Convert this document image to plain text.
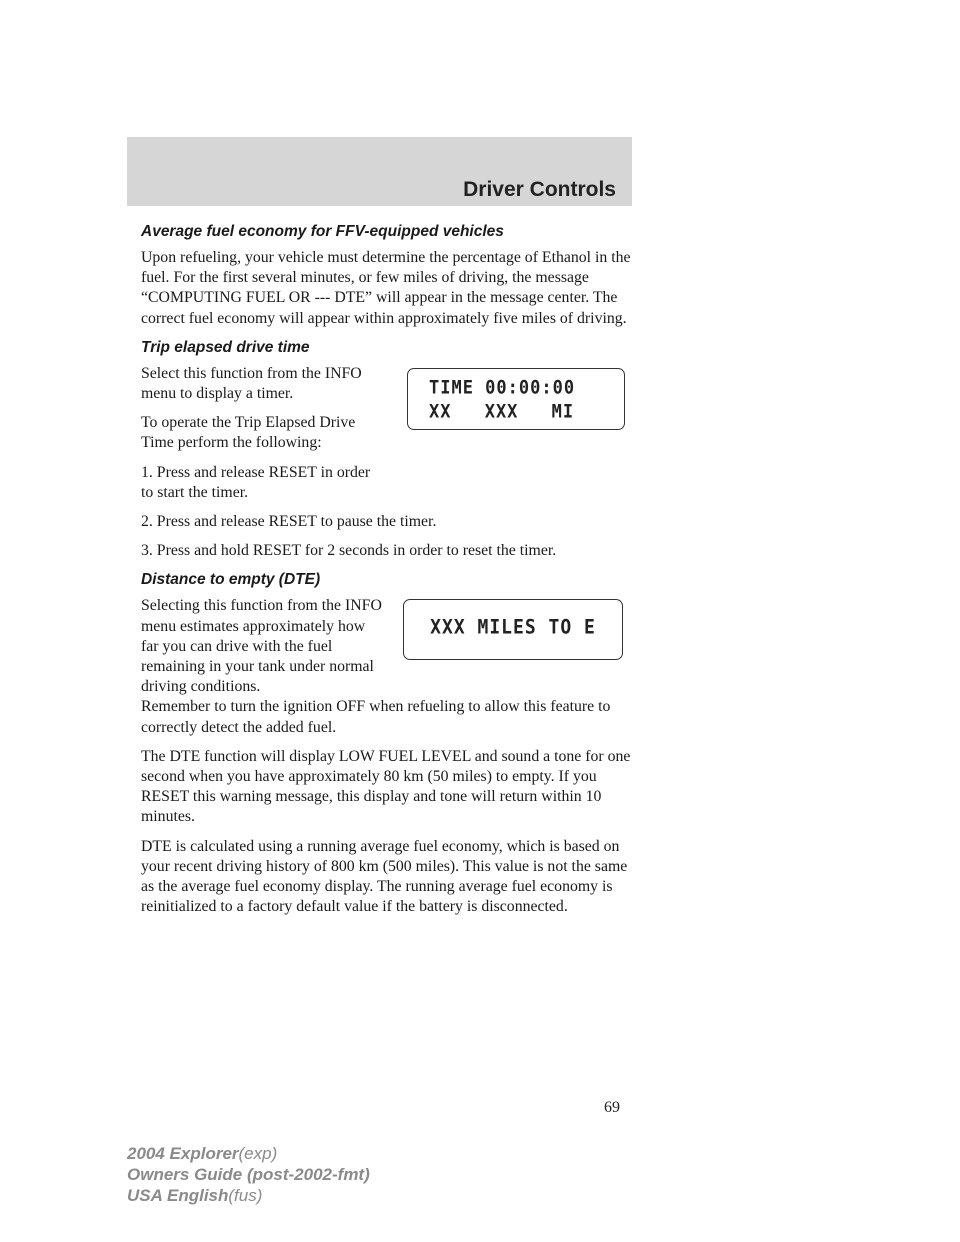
Driver Controls
Average fuel economy for FFV-equipped vehicles

Upon refueling, your vehicle must determine the percentage of Ethanol in the fuel. For the first several minutes, or few miles of driving, the message “COMPUTING FUEL OR --- DTE” will appear in the message center. The correct fuel economy will appear within approximately five miles of driving.

Trip elapsed drive time
TIME 00:00:00
XX XXX MI

Select this function from the INFO menu to display a timer.

To operate the Trip Elapsed Drive Time perform the following:

1. Press and release RESET in order to start the timer.

2. Press and release RESET to pause the timer.

3. Press and hold RESET for 2 seconds in order to reset the timer.

Distance to empty (DTE)
XXX MILES TO E

Selecting this function from the INFO menu estimates approximately how far you can drive with the fuel remaining in your tank under normal driving conditions.

Remember to turn the ignition OFF when refueling to allow this feature to correctly detect the added fuel.

The DTE function will display LOW FUEL LEVEL and sound a tone for one second when you have approximately 80 km (50 miles) to empty. If you RESET this warning message, this display and tone will return within 10 minutes.

DTE is calculated using a running average fuel economy, which is based on your recent driving history of 800 km (500 miles). This value is not the same as the average fuel economy display. The running average fuel economy is reinitialized to a factory default value if the battery is disconnected.

69
2004 Explorer(exp)
Owners Guide (post-2002-fmt)
USA English(fus)
